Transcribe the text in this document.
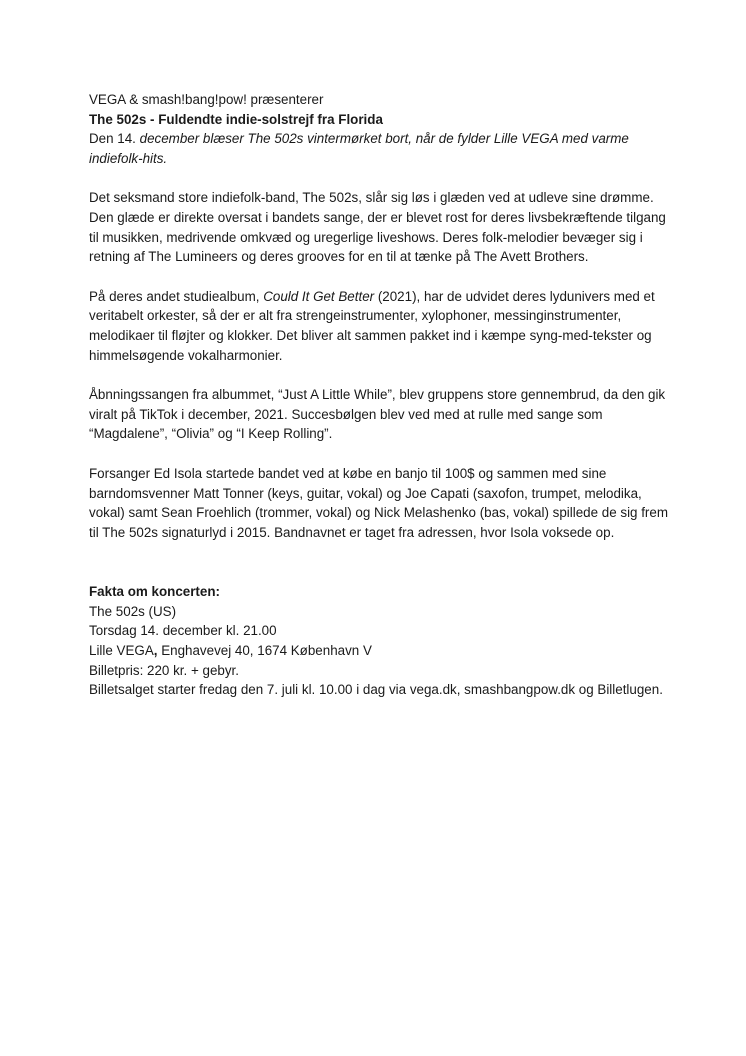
VEGA & smash!bang!pow! præsenterer

The 502s - Fuldendte indie-solstrejf fra Florida

Den 14. december blæser The 502s vintermørket bort, når de fylder Lille VEGA med varme indiefolk-hits.

Det seksmand store indiefolk-band, The 502s, slår sig løs i glæden ved at udleve sine drømme. Den glæde er direkte oversat i bandets sange, der er blevet rost for deres livsbekræftende tilgang til musikken, medrivende omkvæd og uregerlige liveshows. Deres folk-melodier bevæger sig i retning af The Lumineers og deres grooves for en til at tænke på The Avett Brothers.

På deres andet studiealbum, Could It Get Better (2021), har de udvidet deres lydunivers med et veritabelt orkester, så der er alt fra strengeinstrumenter, xylophoner, messinginstrumenter, melodikaer til fløjter og klokker. Det bliver alt sammen pakket ind i kæmpe syng-med-tekster og himmelsøgende vokalharmonier.

Åbnningssangen fra albummet, “Just A Little While”, blev gruppens store gennembrud, da den gik viralt på TikTok i december, 2021. Succesbølgen blev ved med at rulle med sange som “Magdalene”, “Olivia” og “I Keep Rolling”.

Forsanger Ed Isola startede bandet ved at købe en banjo til 100$ og sammen med sine barndomsvenner Matt Tonner (keys, guitar, vokal) og Joe Capati (saxofon, trumpet, melodika, vokal) samt Sean Froehlich (trommer, vokal) og Nick Melashenko (bas, vokal) spillede de sig frem til The 502s signaturlyd i 2015. Bandnavnet er taget fra adressen, hvor Isola voksede op.

Fakta om koncerten:

The 502s (US)

Torsdag 14. december kl. 21.00

Lille VEGA, Enghavevej 40, 1674 København V

Billetpris: 220 kr. + gebyr.

Billetsalget starter fredag den 7. juli kl. 10.00 i dag via vega.dk, smashbangpow.dk og Billetlugen.
